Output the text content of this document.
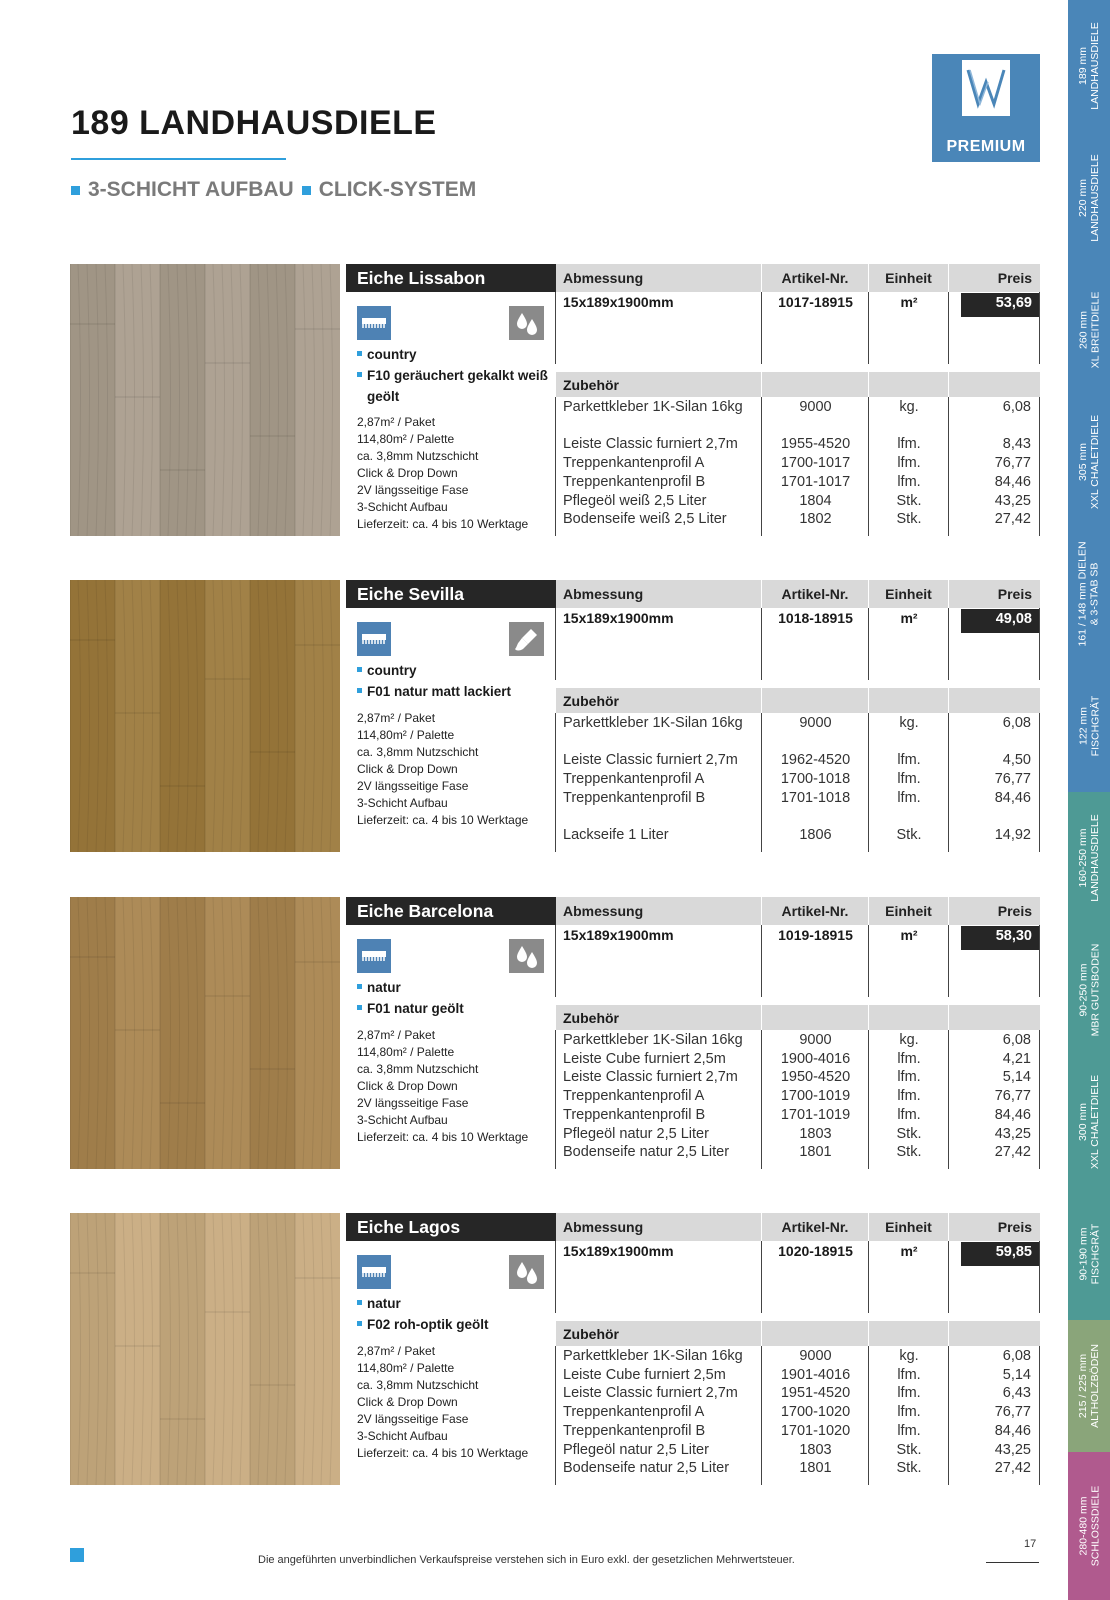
189 LANDHAUSDIELE
3-SCHICHT AUFBAU CLICK-SYSTEM
PREMIUM
189 mm LANDHAUSDIELE
220 mm LANDHAUSDIELE
260 mm XL BREITDIELE
305 mm XXL CHALETDIELE
161 / 148 mm DIELEN & 3-STAB SB
122 mm FISCHGRÄT
160-250 mm LANDHAUSDIELE
90-250 mm MBR GUTSBODEN
300 mm XXL CHALETDIELE
90-190 mm FISCHGRÄT
215 / 225 mm ALTHOLZBÖDEN
280-480 mm SCHLOSSDIELE
Eiche Lissabon
country
F10 geräuchert gekalkt weiß geölt
2,87m² / Paket
114,80m² / Palette
ca. 3,8mm Nutzschicht
Click & Drop Down
2V längsseitige Fase
3-Schicht Aufbau
Lieferzeit: ca. 4 bis 10 Werktage
Abmessung	Artikel-Nr.	Einheit	Preis
15x189x1900mm	1017-18915	m²	53,69
Zubehör
Parkettkleber 1K-Silan 16kg	9000	kg.	6,08
Leiste Classic furniert 2,7m	1955-4520	lfm.	8,43
Treppenkantenprofil A	1700-1017	lfm.	76,77
Treppenkantenprofil B	1701-1017	lfm.	84,46
Pflegeöl weiß 2,5 Liter	1804	Stk.	43,25
Bodenseife weiß 2,5 Liter	1802	Stk.	27,42
Eiche Sevilla
country
F01 natur matt lackiert
2,87m² / Paket
114,80m² / Palette
ca. 3,8mm Nutzschicht
Click & Drop Down
2V längsseitige Fase
3-Schicht Aufbau
Lieferzeit: ca. 4 bis 10 Werktage
Abmessung	Artikel-Nr.	Einheit	Preis
15x189x1900mm	1018-18915	m²	49,08
Zubehör
Parkettkleber 1K-Silan 16kg	9000	kg.	6,08
Leiste Classic furniert 2,7m	1962-4520	lfm.	4,50
Treppenkantenprofil A	1700-1018	lfm.	76,77
Treppenkantenprofil B	1701-1018	lfm.	84,46
Lackseife 1 Liter	1806	Stk.	14,92
Eiche Barcelona
natur
F01 natur geölt
2,87m² / Paket
114,80m² / Palette
ca. 3,8mm Nutzschicht
Click & Drop Down
2V längsseitige Fase
3-Schicht Aufbau
Lieferzeit: ca. 4 bis 10 Werktage
Abmessung	Artikel-Nr.	Einheit	Preis
15x189x1900mm	1019-18915	m²	58,30
Zubehör
Parkettkleber 1K-Silan 16kg	9000	kg.	6,08
Leiste Cube furniert 2,5m	1900-4016	lfm.	4,21
Leiste Classic furniert 2,7m	1950-4520	lfm.	5,14
Treppenkantenprofil A	1700-1019	lfm.	76,77
Treppenkantenprofil B	1701-1019	lfm.	84,46
Pflegeöl natur 2,5 Liter	1803	Stk.	43,25
Bodenseife natur 2,5 Liter	1801	Stk.	27,42
Eiche Lagos
natur
F02 roh-optik geölt
2,87m² / Paket
114,80m² / Palette
ca. 3,8mm Nutzschicht
Click & Drop Down
2V längsseitige Fase
3-Schicht Aufbau
Lieferzeit: ca. 4 bis 10 Werktage
Abmessung	Artikel-Nr.	Einheit	Preis
15x189x1900mm	1020-18915	m²	59,85
Zubehör
Parkettkleber 1K-Silan 16kg	9000	kg.	6,08
Leiste Cube furniert 2,5m	1901-4016	lfm.	5,14
Leiste Classic furniert 2,7m	1951-4520	lfm.	6,43
Treppenkantenprofil A	1700-1020	lfm.	76,77
Treppenkantenprofil B	1701-1020	lfm.	84,46
Pflegeöl natur 2,5 Liter	1803	Stk.	43,25
Bodenseife natur 2,5 Liter	1801	Stk.	27,42
Die angeführten unverbindlichen Verkaufspreise verstehen sich in Euro exkl. der gesetzlichen Mehrwertsteuer.
17
